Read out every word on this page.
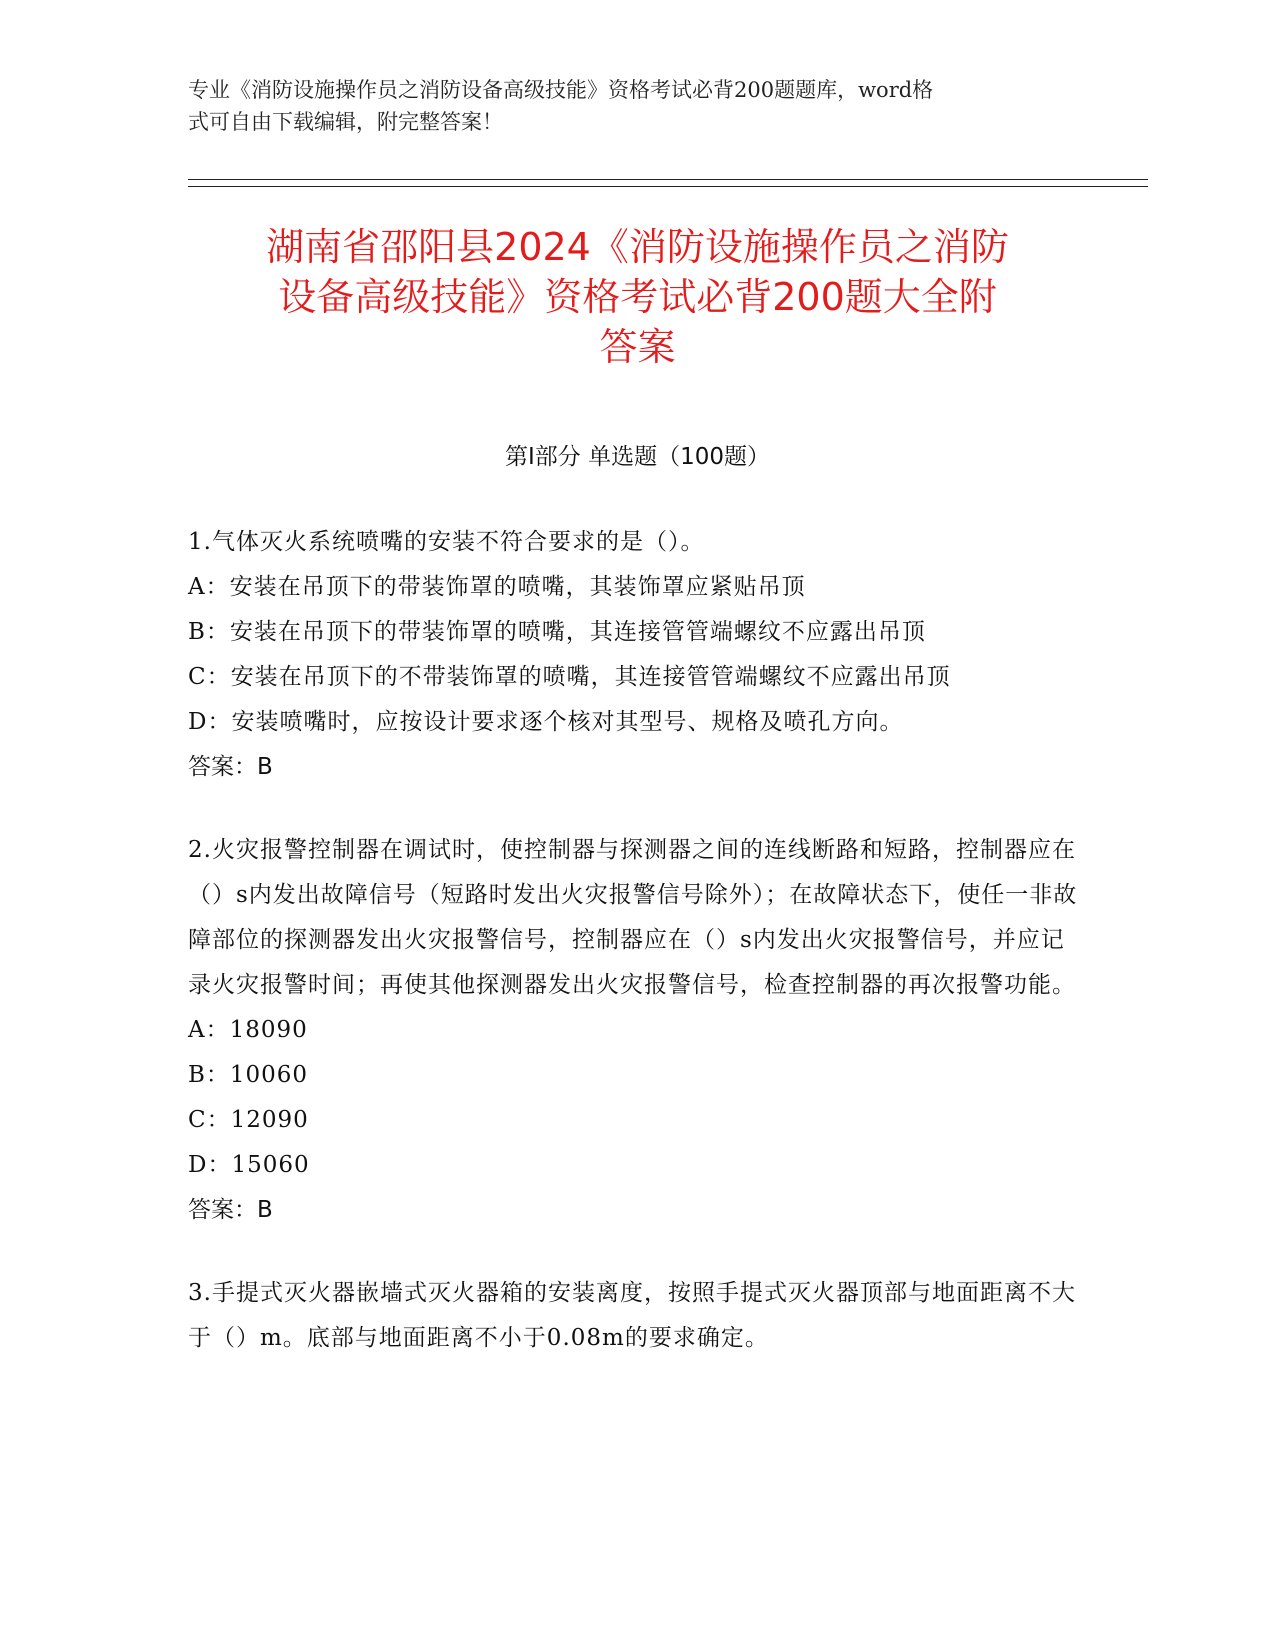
专业《消防设施操作员之消防设备高级技能》资格考试必背200题题库，word格
式可自由下载编辑，附完整答案！
湖南省邵阳县2024《消防设施操作员之消防
设备高级技能》资格考试必背200题大全附
答案
第Ⅰ部分 单选题（100题）
1.气体灭火系统喷嘴的安装不符合要求的是（）。
A：安装在吊顶下的带装饰罩的喷嘴，其装饰罩应紧贴吊顶
B：安装在吊顶下的带装饰罩的喷嘴，其连接管管端螺纹不应露出吊顶
C：安装在吊顶下的不带装饰罩的喷嘴，其连接管管端螺纹不应露出吊顶
D：安装喷嘴时，应按设计要求逐个核对其型号、规格及喷孔方向。
答案：B
2.火灾报警控制器在调试时，使控制器与探测器之间的连线断路和短路，控制器应在（）s内发出故障信号（短路时发出火灾报警信号除外）；在故障状态下，使任一非故障部位的探测器发出火灾报警信号，控制器应在（）s内发出火灾报警信号，并应记录火灾报警时间；再使其他探测器发出火灾报警信号，检查控制器的再次报警功能。
A：18090
B：10060
C：12090
D：15060
答案：B
3.手提式灭火器嵌墙式灭火器箱的安装离度，按照手提式灭火器顶部与地面距离不大于（）m。底部与地面距离不小于0.08m的要求确定。
